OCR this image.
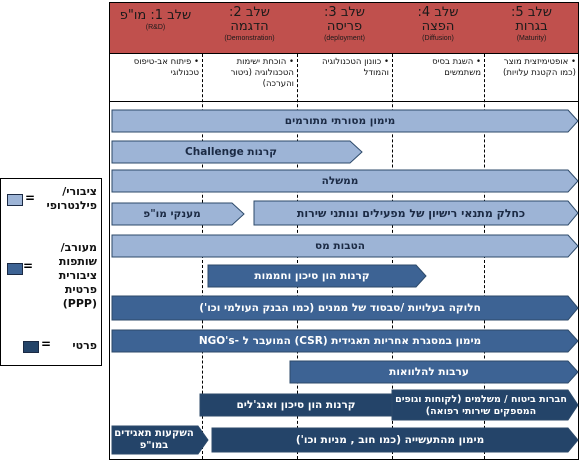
שלב 1: מו"פ
(R&D)
שלב 2: הדגמה
(Demonstration)
שלב 3: פריסה
(deployment)
שלב 4: הפצה
(Diffusion)
שלב 5: בגרות
(Maturity)
• פיתוח אב-טיפוס טכנולוגי
• הוכחת ישימות הטכנולוגיה (ניטור והערכה)
• כוונון הטכנולוגיה והמודל
• השגת בסיס משתמשים
• אופטימיזצית מוצר (כמו הקטנת עלויות)
מימון מסורתי מתורמים
קרנות Challenge
ממשלה
מענקי מו"פ	כחלק מתנאי רישיון של מפעילים ונותני שירות
הטבות מס
קרנות הון סיכון וחממות
חלוקה בעלויות /סבסוד של ממנים (כמו הבנק העולמי וכו')
מימון במסגרת אחריות תאגידית (CSR) המועבר ל -NGO's
ערבות להלוואות
קרנות הון סיכון ואנג'לים	חברות ביטוח / משלמים (לקוחות וגופים המספקים שירותי רפואה)
השקעות תאגידים במו"פ	מימון מהתעשייה (כמו חוב , מניות וכו')
ציבורי/ פילנטרופי
=
מעורב/ שותפות ציבורית פרטית (PPP)
=
פרטי
=
